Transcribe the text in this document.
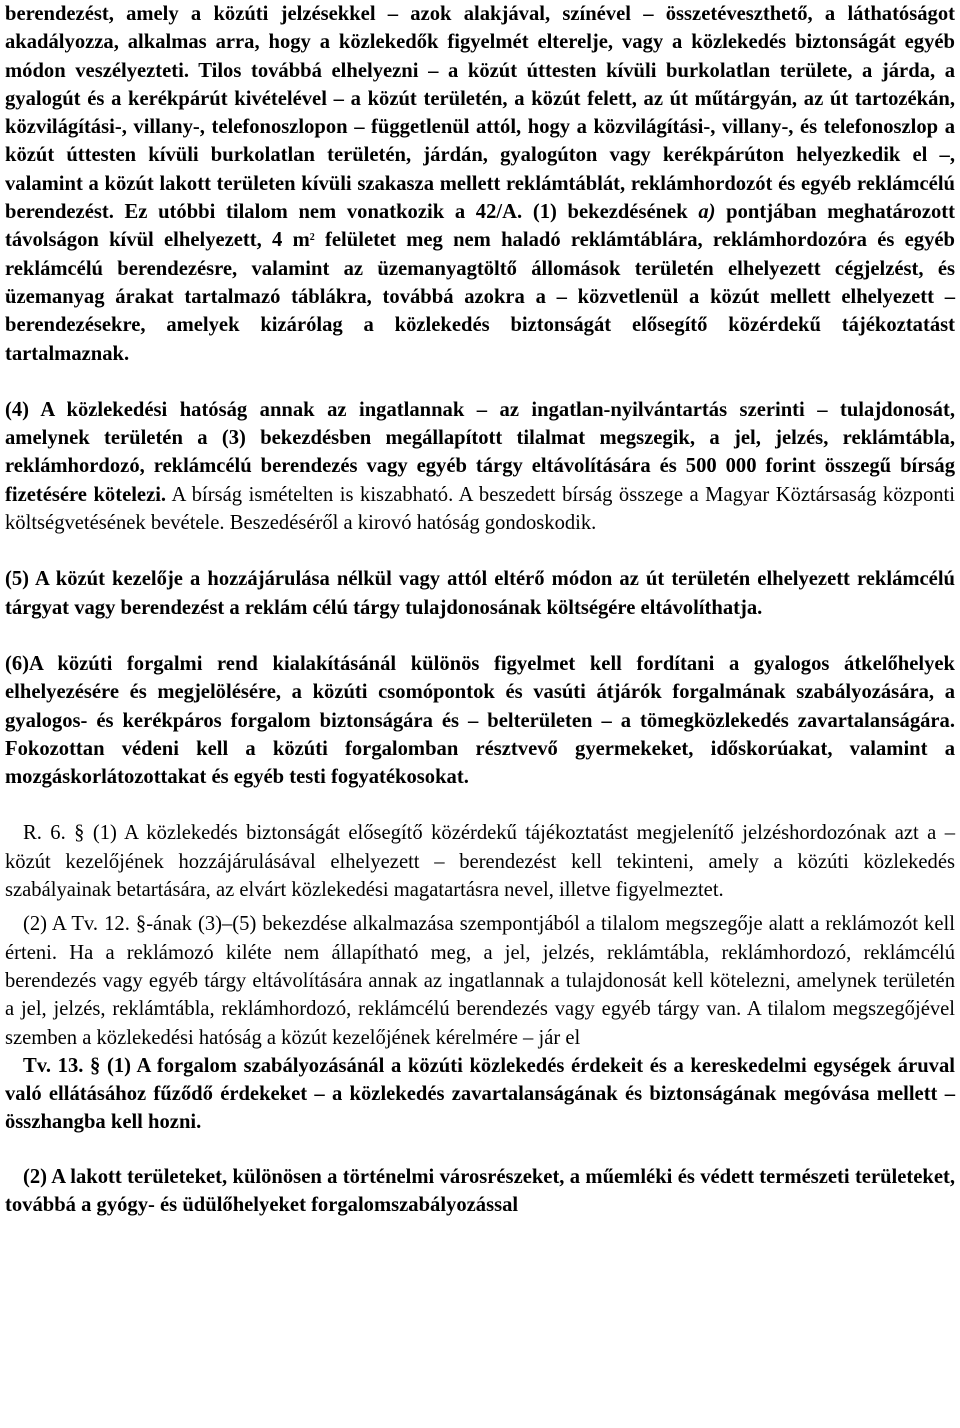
berendezést, amely a közúti jelzésekkel – azok alakjával, színével – összetéveszthető, a láthatóságot akadályozza, alkalmas arra, hogy a közlekedők figyelmét elterelje, vagy a közlekedés biztonságát egyéb módon veszélyezteti. Tilos továbbá elhelyezni – a közút úttesten kívüli burkolatlan területe, a járda, a gyalogút és a kerékpárút kivételével – a közút területén, a közút felett, az út műtárgyán, az út tartozékán, közvilágítási-, villany-, telefonoszlopon – függetlenül attól, hogy a közvilágítási-, villany-, és telefonoszlop a közút úttesten kívüli burkolatlan területén, járdán, gyalogúton vagy kerékpárúton helyezkedik el –, valamint a közút lakott területen kívüli szakasza mellett reklámtáblát, reklámhordozót és egyéb reklámcélú berendezést. Ez utóbbi tilalom nem vonatkozik a 42/A. (1) bekezdésének a) pontjában meghatározott távolságon kívül elhelyezett, 4 $m^2$ felületet meg nem haladó reklámtáblára, reklámhordozóra és egyéb reklámcélú berendezésre, valamint az üzemanyagtöltő állomások területén elhelyezett cégjelzést, és üzemanyag árakat tartalmazó táblákra, továbbá azokra a – közvetlenül a közút mellett elhelyezett – berendezésekre, amelyek kizárólag a közlekedés biztonságát elősegítő közérdekű tájékoztatást tartalmaznak.

(4) A közlekedési hatóság annak az ingatlannak – az ingatlan-nyilvántartás szerinti – tulajdonosát, amelynek területén a (3) bekezdésben megállapított tilalmat megszegik, a jel, jelzés, reklámtábla, reklámhordozó, reklámcélú berendezés vagy egyéb tárgy eltávolítására és 500 000 forint összegű bírság fizetésére kötelezi. A bírság ismételten is kiszabható. A beszedett bírság összege a Magyar Köztársaság központi költségvetésének bevétele. Beszedéséről a kirovó hatóság gondoskodik.

(5) A közút kezelője a hozzájárulása nélkül vagy attól eltérő módon az út területén elhelyezett reklámcélú tárgyat vagy berendezést a reklám célú tárgy tulajdonosának költségére eltávolíthatja.

(6)A közúti forgalmi rend kialakításánál különös figyelmet kell fordítani a gyalogos átkelőhelyek elhelyezésére és megjelölésére, a közúti csomópontok és vasúti átjárók forgalmának szabályozására, a gyalogos- és kerékpáros forgalom biztonságára és – belterületen – a tömegközlekedés zavartalanságára. Fokozottan védeni kell a közúti forgalomban résztvevő gyermekeket, időskorúakat, valamint a mozgáskorlátozottakat és egyéb testi fogyatékosokat.

R. 6. § (1) A közlekedés biztonságát elősegítő közérdekű tájékoztatást megjelenítő jelzéshordozónak azt a – közút kezelőjének hozzájárulásával elhelyezett – berendezést kell tekinteni, amely a közúti közlekedés szabályainak betartására, az elvárt közlekedési magatartásra nevel, illetve figyelmeztet.

(2) A Tv. 12. §-ának (3)–(5) bekezdése alkalmazása szempontjából a tilalom megszegője alatt a reklámozót kell érteni. Ha a reklámozó kiléte nem állapítható meg, a jel, jelzés, reklámtábla, reklámhordozó, reklámcélú berendezés vagy egyéb tárgy eltávolítására annak az ingatlannak a tulajdonosát kell kötelezni, amelynek területén a jel, jelzés, reklámtábla, reklámhordozó, reklámcélú berendezés vagy egyéb tárgy van. A tilalom megszegőjével szemben a közlekedési hatóság a közút kezelőjének kérelmére – jár el

Tv. 13. § (1) A forgalom szabályozásánál a közúti közlekedés érdekeit és a kereskedelmi egységek áruval való ellátásához fűződő érdekeket – a közlekedés zavartalanságának és biztonságának megóvása mellett – összhangba kell hozni.

(2) A lakott területeket, különösen a történelmi városrészeket, a műemléki és védett természeti területeket, továbbá a gyógy- és üdülőhelyeket forgalomszabályozással
